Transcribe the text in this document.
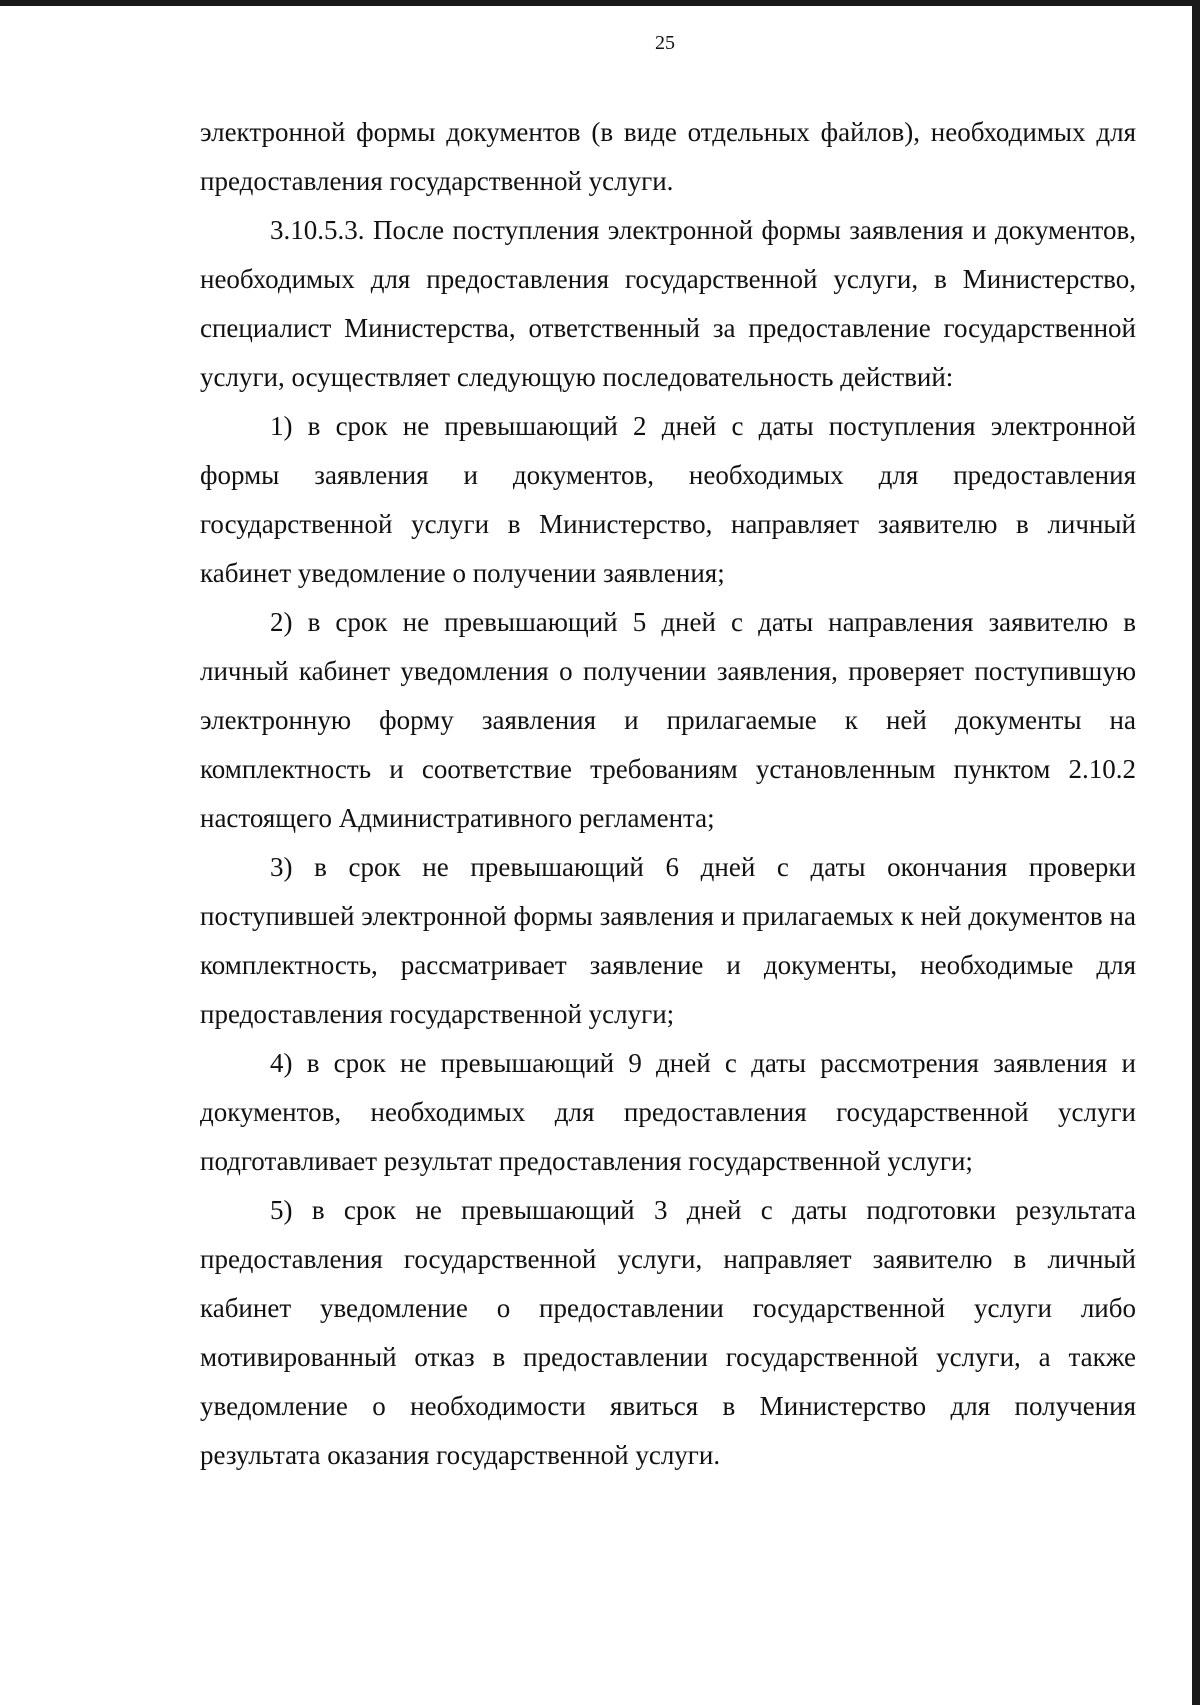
25

электронной формы документов (в виде отдельных файлов), необходимых для предоставления государственной услуги.

3.10.5.3. После поступления электронной формы заявления и документов, необходимых для предоставления государственной услуги, в Министерство, специалист Министерства, ответственный за предоставление государственной услуги, осуществляет следующую последовательность действий:

1) в срок не превышающий 2 дней с даты поступления электронной формы заявления и документов, необходимых для предоставления государственной услуги в Министерство, направляет заявителю в личный кабинет уведомление о получении заявления;

2) в срок не превышающий 5 дней с даты направления заявителю в личный кабинет уведомления о получении заявления, проверяет поступившую электронную форму заявления и прилагаемые к ней документы на комплектность и соответствие требованиям установленным пунктом 2.10.2 настоящего Административного регламента;

3) в срок не превышающий 6 дней с даты окончания проверки поступившей электронной формы заявления и прилагаемых к ней документов на комплектность, рассматривает заявление и документы, необходимые для предоставления государственной услуги;

4) в срок не превышающий 9 дней с даты рассмотрения заявления и документов, необходимых для предоставления государственной услуги подготавливает результат предоставления государственной услуги;

5) в срок не превышающий 3 дней с даты подготовки результата предоставления государственной услуги, направляет заявителю в личный кабинет уведомление о предоставлении государственной услуги либо мотивированный отказ в предоставлении государственной услуги, а также уведомление о необходимости явиться в Министерство для получения результата оказания государственной услуги.
